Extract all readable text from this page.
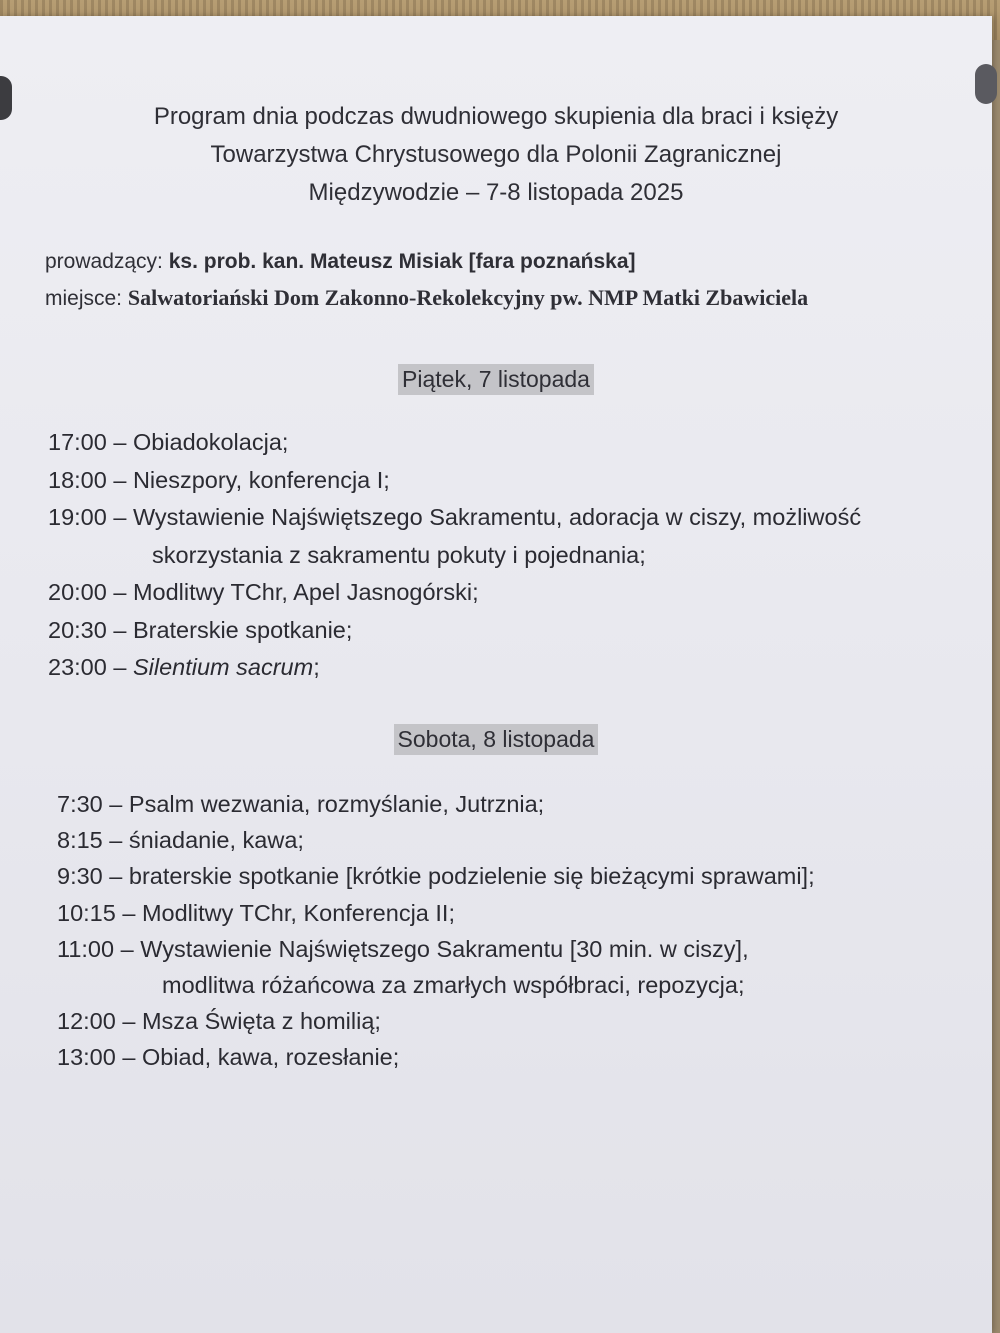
Program dnia podczas dwudniowego skupienia dla braci i księży
Towarzystwa Chrystusowego dla Polonii Zagranicznej
Międzywodzie – 7-8 listopada 2025
prowadzący: ks. prob. kan. Mateusz Misiak [fara poznańska]
miejsce: Salwatoriański Dom Zakonno-Rekolekcyjny pw. NMP Matki Zbawiciela
Piątek, 7 listopada
17:00 – Obiadokolacja;
18:00 – Nieszpory, konferencja I;
19:00 – Wystawienie Najświętszego Sakramentu, adoracja w ciszy, możliwość
skorzystania z sakramentu pokuty i pojednania;
20:00 – Modlitwy TChr, Apel Jasnogórski;
20:30 – Braterskie spotkanie;
23:00 – Silentium sacrum;
Sobota, 8 listopada
7:30 – Psalm wezwania, rozmyślanie, Jutrznia;
8:15 – śniadanie, kawa;
9:30 – braterskie spotkanie [krótkie podzielenie się bieżącymi sprawami];
10:15 – Modlitwy TChr, Konferencja II;
11:00 – Wystawienie Najświętszego Sakramentu [30 min. w ciszy],
modlitwa różańcowa za zmarłych współbraci, repozycja;
12:00 – Msza Święta z homilią;
13:00 – Obiad, kawa, rozesłanie;
